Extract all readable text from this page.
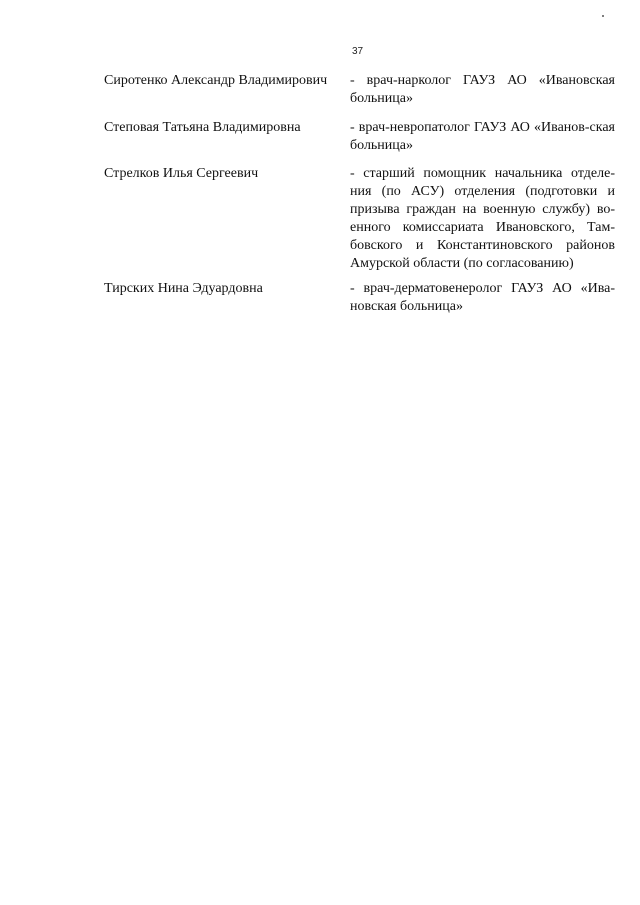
37
Сиротенко Александр Владимирович	- врач-нарколог ГАУЗ АО «Ивановская больница»
Степовая Татьяна Владимировна	- врач-невропатолог ГАУЗ АО «Иванов-ская больница»
Стрелков Илья Сергеевич	- старший помощник начальника отделе-ния (по АСУ) отделения (подготовки и призыва граждан на военную службу) во-енного комиссариата Ивановского, Там-бовского и Константиновского районов Амурской области (по согласованию)
Тирских Нина Эдуардовна	- врач-дерматовенеролог ГАУЗ АО «Ива-новская больница»
